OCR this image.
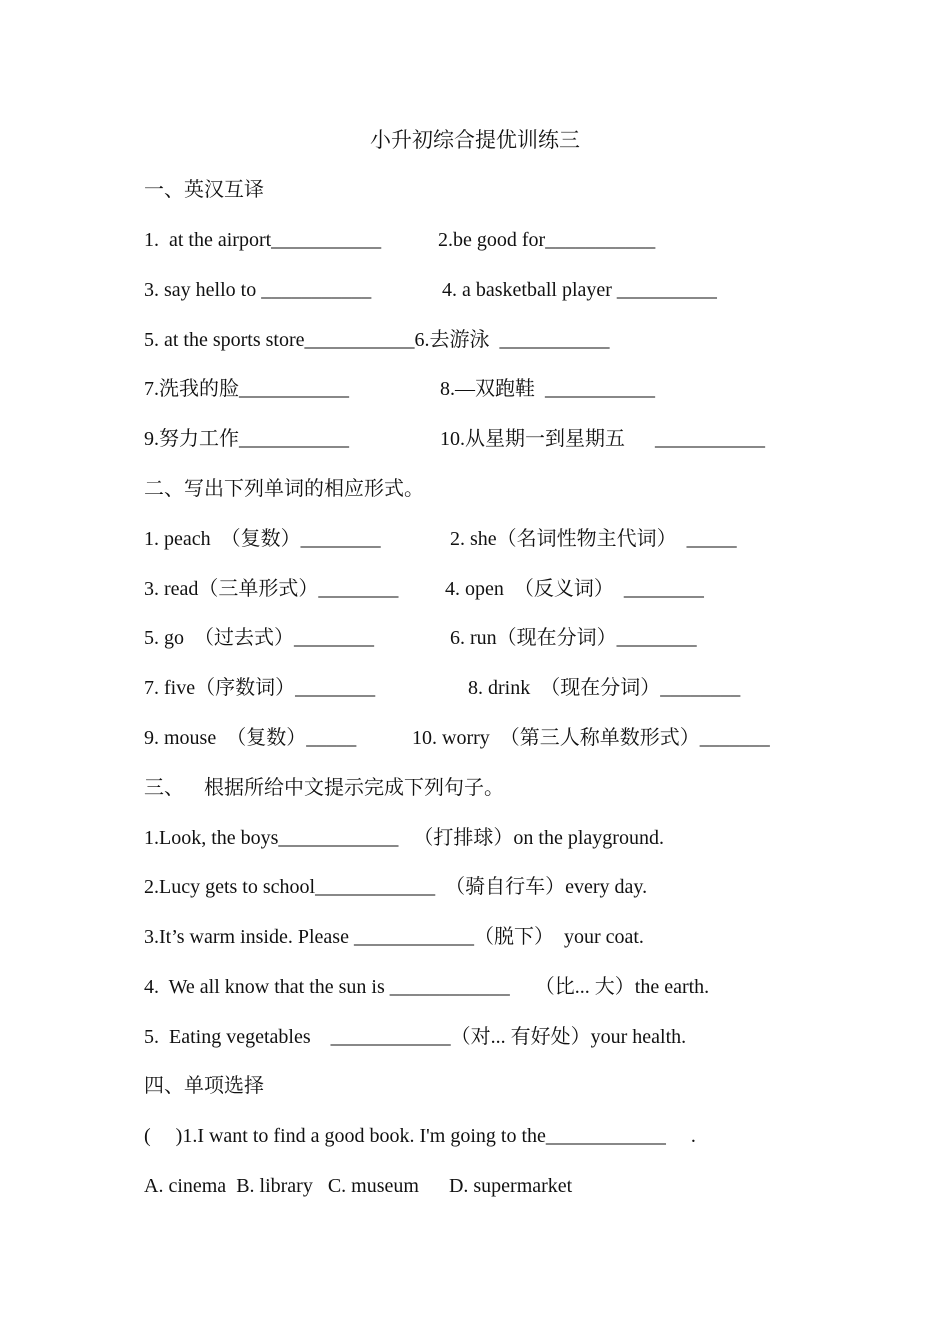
小升初综合提优训练三
一、英汉互译
1.  at the airport___________	2.be good for___________
3. say hello to ___________	4. a basketball player __________
5. at the sports store___________6.去游泳  ___________
7.洗我的脸___________	8.—双跑鞋  ___________
9.努力工作___________	10.从星期一到星期五      ___________
二、写出下列单词的相应形式。
1. peach  （复数）________	2. she（名词性物主代词）  _____
3. read（三单形式）________ 4. open  （反义词）  ________
5. go  （过去式）________	6. run（现在分词）________
7. five（序数词）________	8. drink  （现在分词）________
9. mouse  （复数）_____	10. worry  （第三人称单数形式）_______
三、    根据所给中文提示完成下列句子。
1.Look, the boys____________   （打排球）on the playground.
2.Lucy gets to school____________  （骑自行车）every day.
3.It’s warm inside. Please ____________（脱下）  your coat.
4.  We all know that the sun is ____________     （比... 大）the earth.
5.  Eating vegetables    ____________（对... 有好处）your health.
四、单项选择
(     )1.I want to find a good book. I'm going to the____________     .
A. cinema  B. library   C. museum      D. supermarket
